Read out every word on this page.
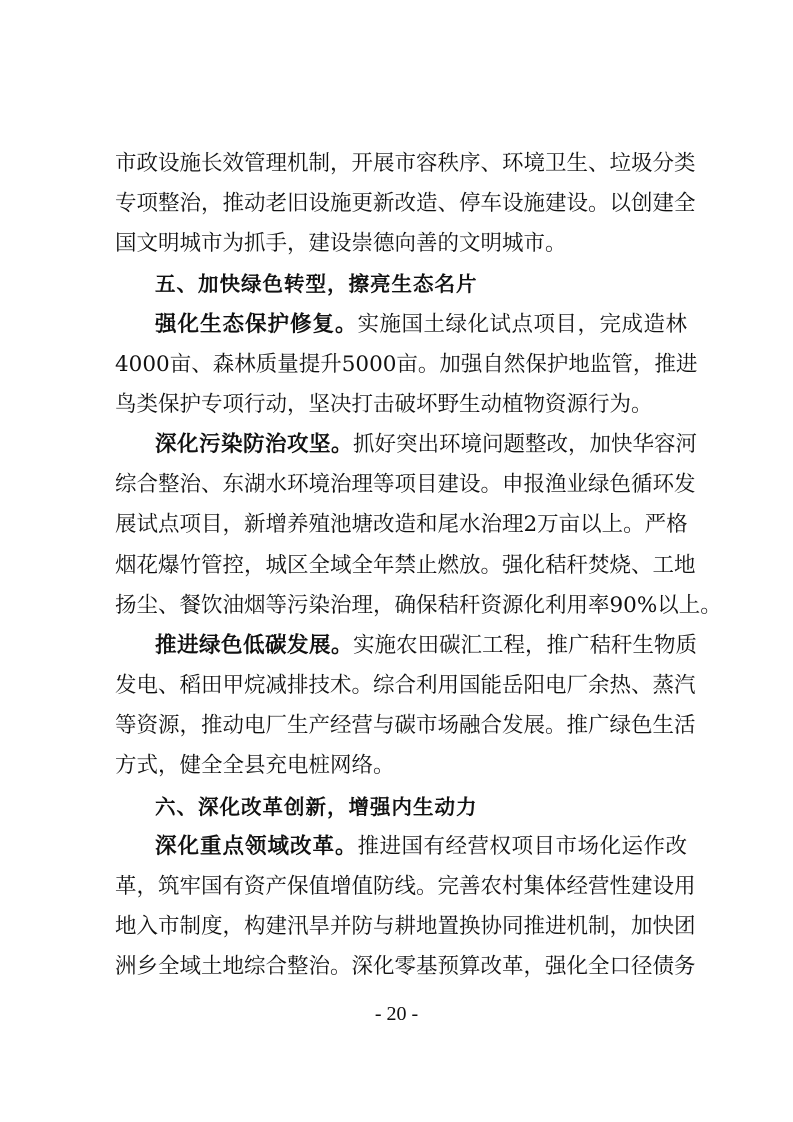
市政设施长效管理机制，开展市容秩序、环境卫生、垃圾分类
专项整治，推动老旧设施更新改造、停车设施建设。以创建全
国文明城市为抓手，建设崇德向善的文明城市。
五、加快绿色转型，擦亮生态名片
强化生态保护修复。实施国土绿化试点项目，完成造林
4000亩、森林质量提升5000亩。加强自然保护地监管，推进
鸟类保护专项行动，坚决打击破坏野生动植物资源行为。
深化污染防治攻坚。抓好突出环境问题整改，加快华容河
综合整治、东湖水环境治理等项目建设。申报渔业绿色循环发
展试点项目，新增养殖池塘改造和尾水治理2万亩以上。严格
烟花爆竹管控，城区全域全年禁止燃放。强化秸秆焚烧、工地
扬尘、餐饮油烟等污染治理，确保秸秆资源化利用率90%以上。
推进绿色低碳发展。实施农田碳汇工程，推广秸秆生物质
发电、稻田甲烷减排技术。综合利用国能岳阳电厂余热、蒸汽
等资源，推动电厂生产经营与碳市场融合发展。推广绿色生活
方式，健全全县充电桩网络。
六、深化改革创新，增强内生动力
深化重点领域改革。推进国有经营权项目市场化运作改
革，筑牢国有资产保值增值防线。完善农村集体经营性建设用
地入市制度，构建汛旱并防与耕地置换协同推进机制，加快团
洲乡全域土地综合整治。深化零基预算改革，强化全口径债务
- 20 -
